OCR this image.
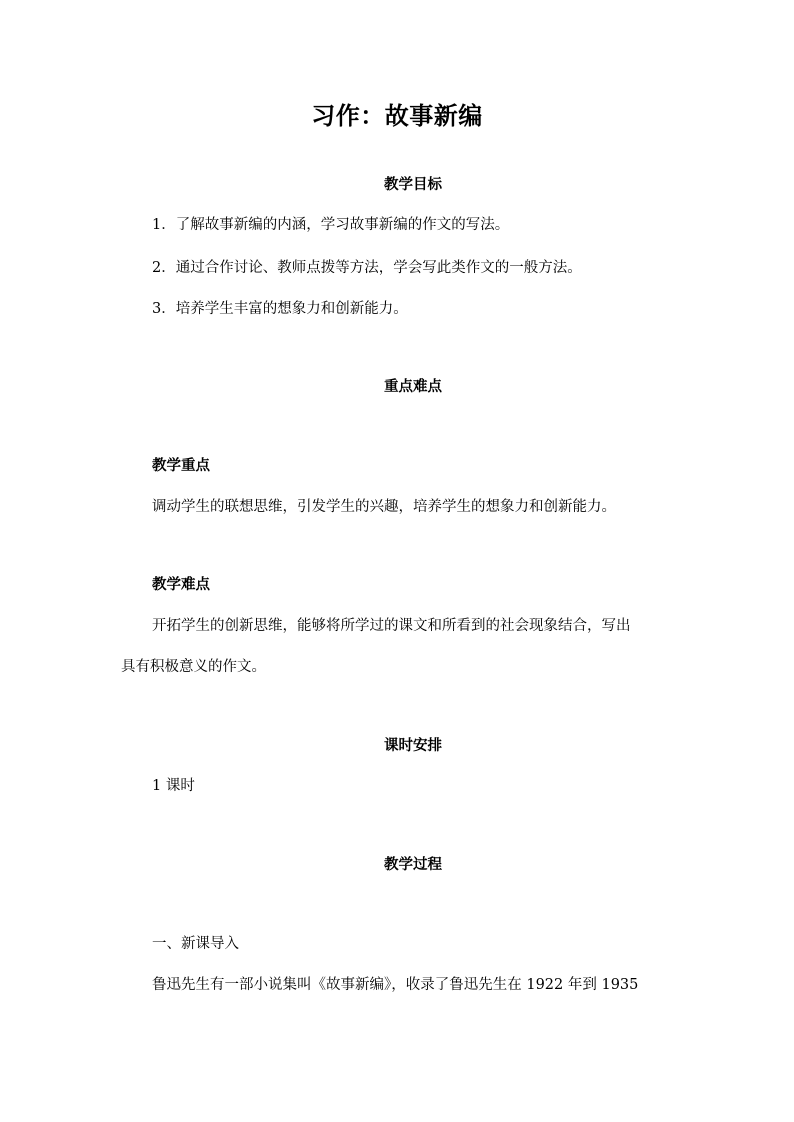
习作：故事新编
教学目标
1．了解故事新编的内涵，学习故事新编的作文的写法。
2．通过合作讨论、教师点拨等方法，学会写此类作文的一般方法。
3．培养学生丰富的想象力和创新能力。
重点难点
教学重点
调动学生的联想思维，引发学生的兴趣，培养学生的想象力和创新能力。
教学难点
开拓学生的创新思维，能够将所学过的课文和所看到的社会现象结合，写出
具有积极意义的作文。
课时安排
1 课时
教学过程
一、新课导入
鲁迅先生有一部小说集叫《故事新编》，收录了鲁迅先生在 1922 年到 1935
